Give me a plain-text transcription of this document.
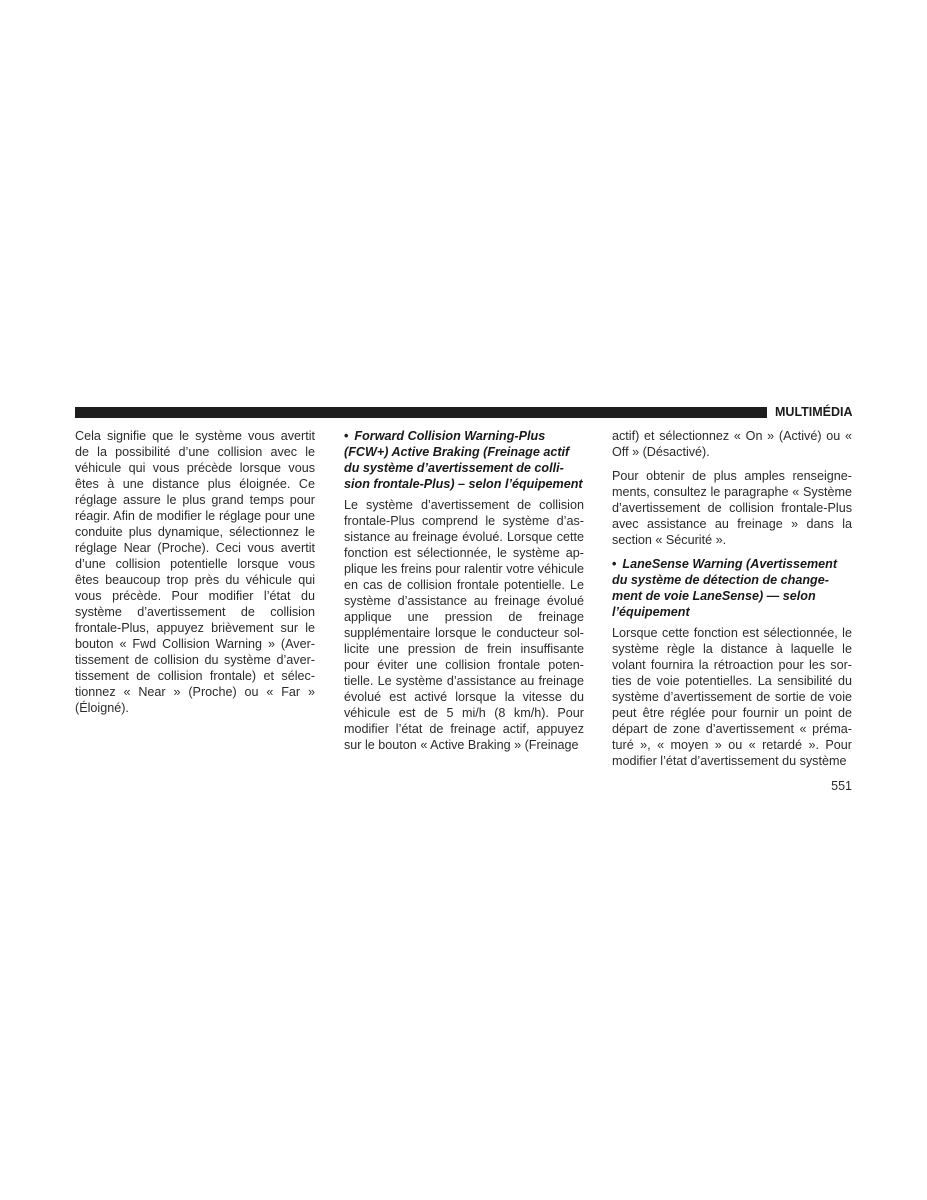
MULTIMÉDIA

Cela signifie que le système vous avertit de la possibilité d’une collision avec le véhicule qui vous précède lorsque vous êtes à une distance plus éloignée. Ce réglage assure le plus grand temps pour réagir. Afin de modifier le réglage pour une conduite plus dynamique, sélectionnez le réglage Near (Proche). Ceci vous avertit d’une collision potentielle lorsque vous êtes beaucoup trop près du véhicule qui vous précède. Pour modifier l’état du système d’avertissement de collision frontale-Plus, appuyez brièvement sur le bouton « Fwd Collision Warning » (Avertissement de collision du système d’avertissement de collision frontale) et sélectionnez « Near » (Proche) ou « Far » (Éloigné).

• Forward Collision Warning-Plus (FCW+) Active Braking (Freinage actif du système d’avertissement de collision frontale-Plus) – selon l’équipement

Le système d’avertissement de collision frontale-Plus comprend le système d’assistance au freinage évolué. Lorsque cette fonction est sélectionnée, le système applique les freins pour ralentir votre véhicule en cas de collision frontale potentielle. Le système d’assistance au freinage évolué applique une pression de freinage supplémentaire lorsque le conducteur sollicite une pression de frein insuffisante pour éviter une collision frontale potentielle. Le système d’assistance au freinage évolué est activé lorsque la vitesse du véhicule est de 5 mi/h (8 km/h). Pour modifier l’état de freinage actif, appuyez sur le bouton « Active Braking » (Freinage

actif) et sélectionnez « On » (Activé) ou « Off » (Désactivé).

Pour obtenir de plus amples renseignements, consultez le paragraphe « Système d’avertissement de collision frontale-Plus avec assistance au freinage » dans la section « Sécurité ».

• LaneSense Warning (Avertissement du système de détection de changement de voie LaneSense) — selon l’équipement

Lorsque cette fonction est sélectionnée, le système règle la distance à laquelle le volant fournira la rétroaction pour les sorties de voie potentielles. La sensibilité du système d’avertissement de sortie de voie peut être réglée pour fournir un point de départ de zone d’avertissement « prématuré », « moyen » ou « retardé ». Pour modifier l’état d’avertissement du système

551
